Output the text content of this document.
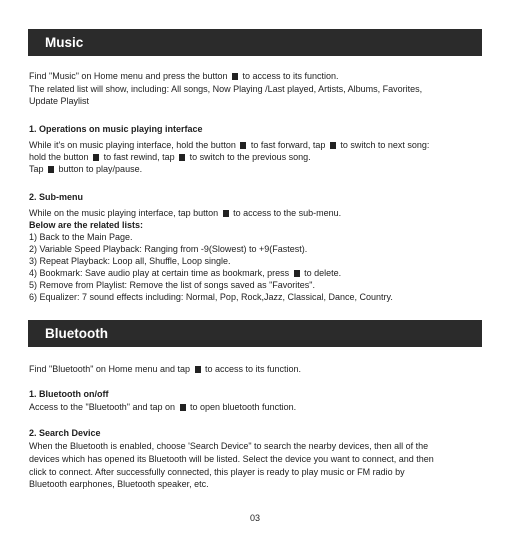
Music
Find "Music" on Home menu and press the button  to access to its function.
The related list will show, including: All songs, Now Playing /Last played, Artists, Albums, Favorites,
Update Playlist
1. Operations on music playing interface
While it's on music playing interface, hold the button  to fast forward, tap  to switch to next song:
hold the button  to fast rewind, tap  to switch to the previous song.
Tap  button to play/pause.
2. Sub-menu
While on the music playing interface, tap button  to access to the sub-menu.
Below are the related lists:
1) Back to the Main Page.
2) Variable Speed Playback: Ranging from -9(Slowest) to +9(Fastest).
3) Repeat Playback: Loop all, Shuffle, Loop single.
4) Bookmark: Save audio play at certain time as bookmark, press  to delete.
5) Remove from Playlist: Remove the list of songs saved as "Favorites".
6) Equalizer: 7 sound effects including: Normal, Pop, Rock,Jazz, Classical, Dance, Country.
Bluetooth
Find "Bluetooth" on Home menu and tap  to access to its function.
1. Bluetooth on/off
Access to the "Bluetooth" and tap on  to open bluetooth function.
2. Search Device
When the Bluetooth is enabled, choose 'Search Device" to search the nearby devices, then all of the
devices which has opened its Bluetooth will be listed. Select the device you want to connect, and then
click to connect. After successfully connected, this player is ready to play music or FM radio by
Bluetooth earphones, Bluetooth speaker, etc.
03
